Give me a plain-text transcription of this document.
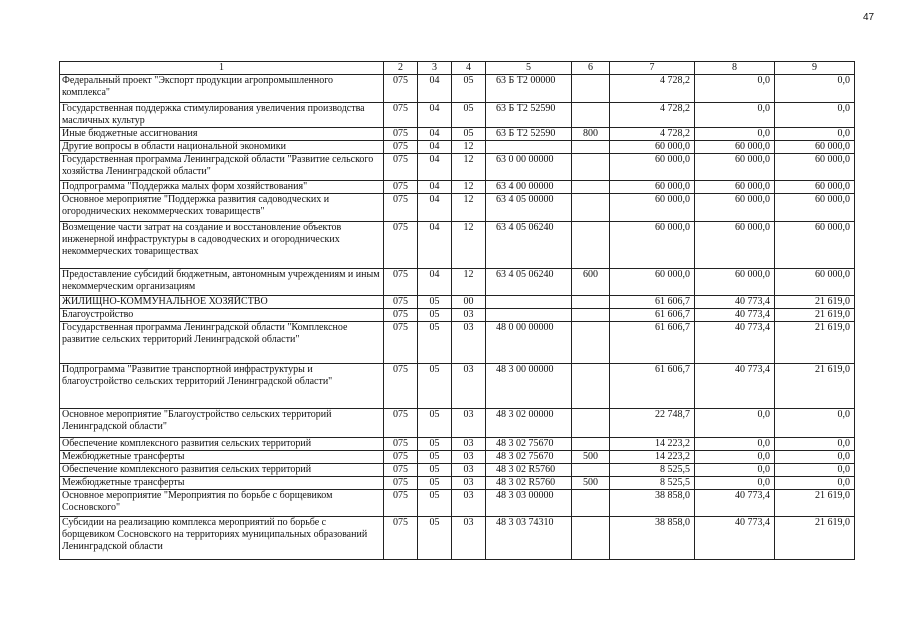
47
1	2	3	4	5	6	7	8	9
Федеральный проект "Экспорт продукции агропромышленного комплекса"	075	04	05	63 Б Т2 00000		4 728,2	0,0	0,0
Государственная поддержка стимулирования увеличения производства масличных культур	075	04	05	63 Б Т2 52590		4 728,2	0,0	0,0
Иные бюджетные ассигнования	075	04	05	63 Б Т2 52590	800	4 728,2	0,0	0,0
Другие вопросы в области национальной экономики	075	04	12			60 000,0	60 000,0	60 000,0
Государственная программа Ленинградской области "Развитие сельского хозяйства Ленинградской области"	075	04	12	63 0 00 00000		60 000,0	60 000,0	60 000,0
Подпрограмма "Поддержка малых форм хозяйствования"	075	04	12	63 4 00 00000		60 000,0	60 000,0	60 000,0
Основное мероприятие "Поддержка развития садоводческих и огороднических некоммерческих товариществ"	075	04	12	63 4 05 00000		60 000,0	60 000,0	60 000,0
Возмещение части затрат на создание и восстановление объектов инженерной инфраструктуры в садоводческих и огороднических некоммерческих товариществах	075	04	12	63 4 05 06240		60 000,0	60 000,0	60 000,0
Предоставление субсидий бюджетным, автономным учреждениям и иным некоммерческим организациям	075	04	12	63 4 05 06240	600	60 000,0	60 000,0	60 000,0
ЖИЛИЩНО-КОММУНАЛЬНОЕ ХОЗЯЙСТВО	075	05	00			61 606,7	40 773,4	21 619,0
Благоустройство	075	05	03			61 606,7	40 773,4	21 619,0
Государственная программа Ленинградской области "Комплексное развитие сельских территорий Ленинградской области"	075	05	03	48 0 00 00000		61 606,7	40 773,4	21 619,0
Подпрограмма "Развитие транспортной инфраструктуры и благоустройство сельских территорий Ленинградской области"	075	05	03	48 3 00 00000		61 606,7	40 773,4	21 619,0
Основное мероприятие "Благоустройство сельских территорий Ленинградской области"	075	05	03	48 3 02 00000		22 748,7	0,0	0,0
Обеспечение комплексного развития сельских территорий	075	05	03	48 3 02 75670		14 223,2	0,0	0,0
Межбюджетные трансферты	075	05	03	48 3 02 75670	500	14 223,2	0,0	0,0
Обеспечение комплексного развития сельских территорий	075	05	03	48 3 02 R5760		8 525,5	0,0	0,0
Межбюджетные трансферты	075	05	03	48 3 02 R5760	500	8 525,5	0,0	0,0
Основное мероприятие "Мероприятия по борьбе с борщевиком Сосновского"	075	05	03	48 3 03 00000		38 858,0	40 773,4	21 619,0
Субсидии на реализацию комплекса мероприятий по борьбе с борщевиком Сосновского на территориях муниципальных образований Ленинградской области	075	05	03	48 3 03 74310		38 858,0	40 773,4	21 619,0
